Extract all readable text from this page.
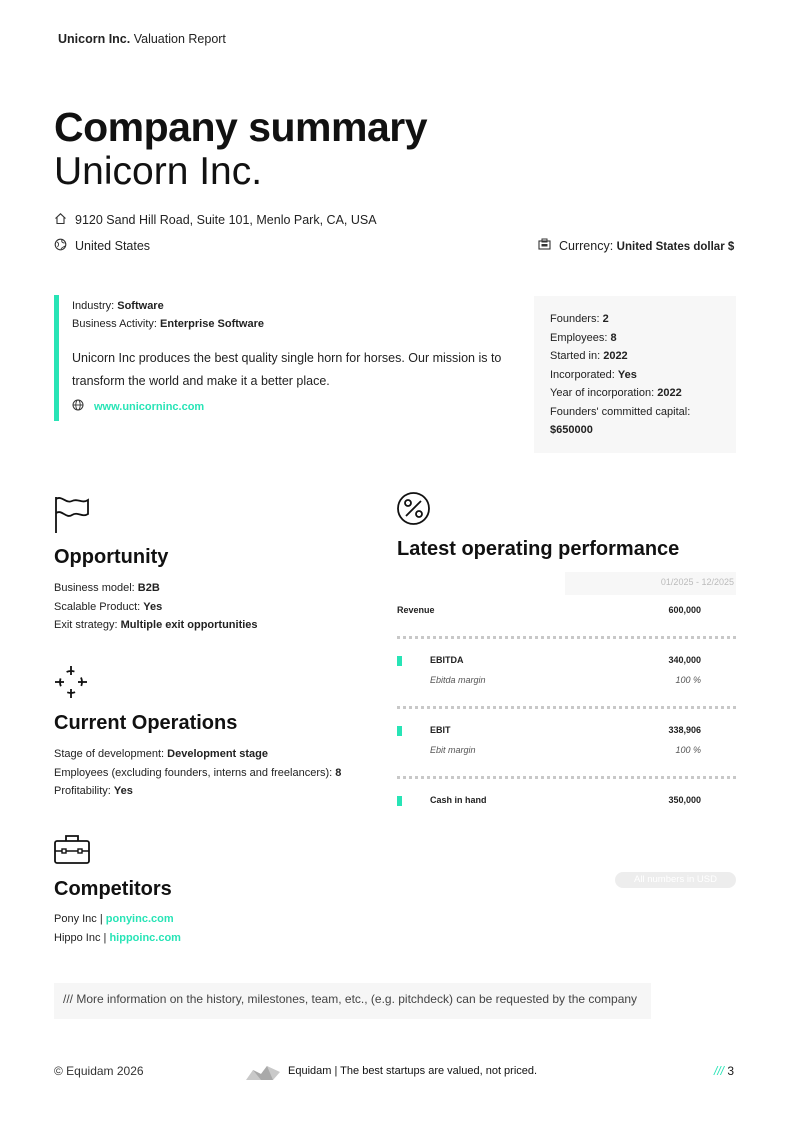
Unicorn Inc. Valuation Report
Company summary
Unicorn Inc.
9120 Sand Hill Road, Suite 101, Menlo Park, CA, USA
United States	Currency: United States dollar $
Industry: Software
Business Activity: Enterprise Software
Unicorn Inc produces the best quality single horn for horses. Our mission is to transform the world and make it a better place.
www.unicorninc.com
Founders: 2
Employees: 8
Started in: 2022
Incorporated: Yes
Year of incorporation: 2022
Founders' committed capital:
$650000
Opportunity
Business model: B2B
Scalable Product: Yes
Exit strategy: Multiple exit opportunities
Current Operations
Stage of development: Development stage
Employees (excluding founders, interns and freelancers): 8
Profitability: Yes
Competitors
Pony Inc | ponyinc.com
Hippo Inc | hippoinc.com
Latest operating performance
01/2025 - 12/2025
Revenue	600,000
EBITDA	340,000
Ebitda margin	100 %
EBIT	338,906
Ebit margin	100 %
Cash in hand	350,000
All numbers in USD
/// More information on the history, milestones, team, etc., (e.g. pitchdeck) can be requested by the company
© Equidam 2026	Equidam | The best startups are valued, not priced.	/// 3
